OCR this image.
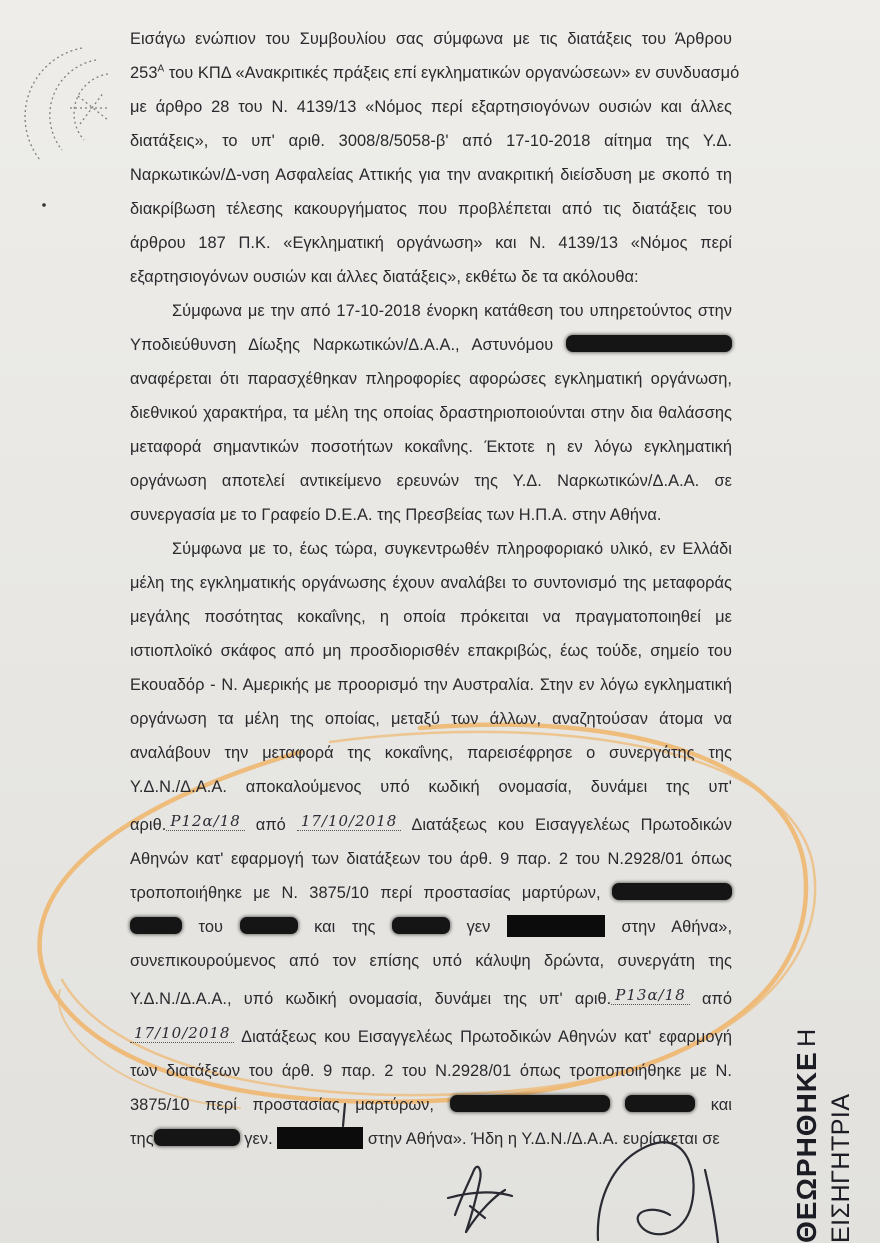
Εισάγω ενώπιον του Συμβουλίου σας σύμφωνα με τις διατάξεις του Άρθρου
$253^A$ του ΚΠΔ «Ανακριτικές πράξεις επί εγκληματικών οργανώσεων» εν συνδυασμό
με άρθρο 28 του Ν. 4139/13 «Νόμος περί εξαρτησιογόνων ουσιών και άλλες
διατάξεις», το υπ' αριθ. 3008/8/5058-β' από 17-10-2018 αίτημα της Υ.Δ.
Ναρκωτικών/Δ-νση Ασφαλείας Αττικής για την ανακριτική διείσδυση με σκοπό τη
διακρίβωση τέλεσης κακουργήματος που προβλέπεται από τις διατάξεις του
άρθρου 187 Π.Κ. «Εγκληματική οργάνωση» και Ν. 4139/13 «Νόμος περί
εξαρτησιογόνων ουσιών και άλλες διατάξεις», εκθέτω δε τα ακόλουθα:
Σύμφωνα με την από 17-10-2018 ένορκη κατάθεση του υπηρετούντος στην
Υποδιεύθυνση Δίωξης Ναρκωτικών/Δ.Α.Α., Αστυνόμου
αναφέρεται ότι παρασχέθηκαν πληροφορίες αφορώσες εγκληματική οργάνωση,
διεθνικού χαρακτήρα, τα μέλη της οποίας δραστηριοποιούνται στην δια θαλάσσης
μεταφορά σημαντικών ποσοτήτων κοκαΐνης. Έκτοτε η εν λόγω εγκληματική
οργάνωση αποτελεί αντικείμενο ερευνών της Υ.Δ. Ναρκωτικών/Δ.Α.Α. σε
συνεργασία με το Γραφείο D.E.A. της Πρεσβείας των Η.Π.Α. στην Αθήνα.
Σύμφωνα με το, έως τώρα, συγκεντρωθέν πληροφοριακό υλικό, εν Ελλάδι
μέλη της εγκληματικής οργάνωσης έχουν αναλάβει το συντονισμό της μεταφοράς
μεγάλης ποσότητας κοκαΐνης, η οποία πρόκειται να πραγματοποιηθεί με
ιστιοπλοϊκό σκάφος από μη προσδιορισθέν επακριβώς, έως τούδε, σημείο του
Εκουαδόρ - Ν. Αμερικής με προορισμό την Αυστραλία. Στην εν λόγω εγκληματική
οργάνωση τα μέλη της οποίας, μεταξύ των άλλων, αναζητούσαν άτομα να
αναλάβουν την μεταφορά της κοκαΐνης, παρεισέφρησε ο συνεργάτης της
Υ.Δ.Ν./Δ.Α.Α. αποκαλούμενος υπό κωδική ονομασία, δυνάμει της υπ'
αριθ. P12α/18 από 17/10/2018 Διατάξεως κου Εισαγγελέως Πρωτοδικών
Αθηνών κατ' εφαρμογή των διατάξεων του άρθ. 9 παρ. 2 του Ν.2928/01 όπως
τροποποιήθηκε με Ν. 3875/10 περί προστασίας μαρτύρων,
του	και της	γεν	στην Αθήνα»,
συνεπικουρούμενος από τον επίσης υπό κάλυψη δρώντα, συνεργάτη της
Υ.Δ.Ν./Δ.Α.Α., υπό κωδική ονομασία, δυνάμει της υπ' αριθ. P13α/18 από
17/10/2018 Διατάξεως κου Εισαγγελέως Πρωτοδικών Αθηνών κατ' εφαρμογή
των διατάξεων του άρθ. 9 παρ. 2 του Ν.2928/01 όπως τροποποιήθηκε με Ν.
3875/10 περί προστασίας μαρτύρων,	και
της	γεν.	στην Αθήνα». Ήδη η Υ.Δ.Ν./Δ.Α.Α. ευρίσκεται σε	ΘΕΩΡΗΘΗΚΕ Η ΕΙΣΗΓΗΤΡΙΑ
